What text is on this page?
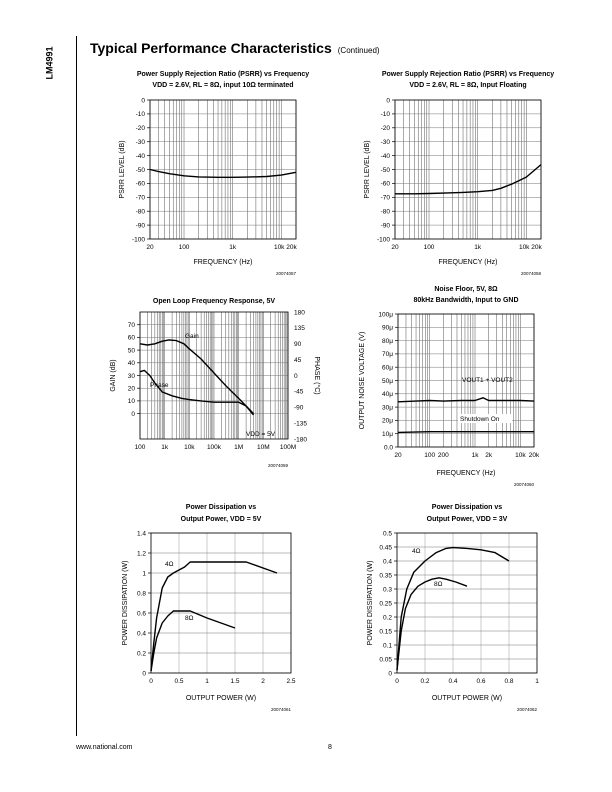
LM4991	Typical Performance Characteristics (Continued)
Power Supply Rejection Ratio (PSRR) vs Frequency
VDD = 2.6V, RL = 8Ω, input 10Ω terminated
0
-10
-20
-30
-40
-50
-60
-70
-80
-90
-100
20	100	1k	10k 20k
FREQUENCY (Hz)
PSRR LEVEL (dB)
20074057
Power Supply Rejection Ratio (PSRR) vs Frequency
VDD = 2.6V, RL = 8Ω, Input Floating
0
-10
-20
-30
-40
-50
-60
-70
-80
-90
-100
20	100	1k	10k 20k
FREQUENCY (Hz)
PSRR LEVEL (dB)
20074058
Open Loop Frequency Response, 5V
70
60
50
40
30
20
10
0
100 1k 10k 100k 1M 10M 100M
180
135
90
45
0
-45
-90
-135
-180
PHASE (°C)
GAIN (dB)
Gain
Phase
VDD = 5V
20074059
Noise Floor, 5V, 8Ω
80kHz Bandwidth, Input to GND
100μ
90μ
80μ
70μ
60μ
50μ
40μ
30μ
20μ
10μ
0.0
20	100 200	1k 2k	10k 20k
FREQUENCY (Hz)
OUTPUT NOISE VOLTAGE (V)	VOUT1 + VOUT2
Shutdown On
20074060
Power Dissipation vs
Output Power, VDD = 5V
1.4
1.2
1
0.8
0.6
0.4
0.2
0
0	0.5	1	1.5	2	2.5
OUTPUT POWER (W)
POWER DISSIPATION (W)	4Ω
8Ω
20074061
Power Dissipation vs
Output Power, VDD = 3V
0.5
0.45
0.4
0.35
0.3
0.25
0.2
0.15
0.1
0.05
0
0	0.2	0.4	0.6	0.8	1
OUTPUT POWER (W)
POWER DISSIPATION (W)
4Ω
8Ω
20074062
www.national.com	8
